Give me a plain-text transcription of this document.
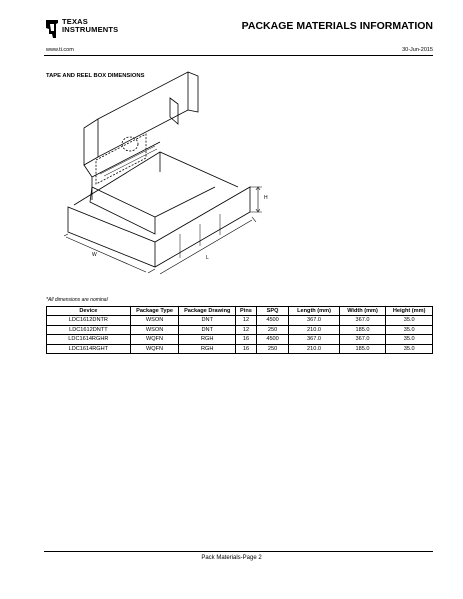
TEXAS
INSTRUMENTS	PACKAGE MATERIALS INFORMATION
www.ti.com	30-Jun-2015
TAPE AND REEL BOX DIMENSIONS
H
W	L
*All dimensions are nominal
Device	Package Type	Package Drawing	Pins	SPQ	Length (mm)	Width (mm)	Height (mm)
LDC1612DNTR	WSON	DNT	12	4500	367.0	367.0	35.0
LDC1612DNTT	WSON	DNT	12	250	210.0	185.0	35.0
LDC1614RGHR	WQFN	RGH	16	4500	367.0	367.0	35.0
LDC1614RGHT	WQFN	RGH	16	250	210.0	185.0	35.0
Pack Materials-Page 2
